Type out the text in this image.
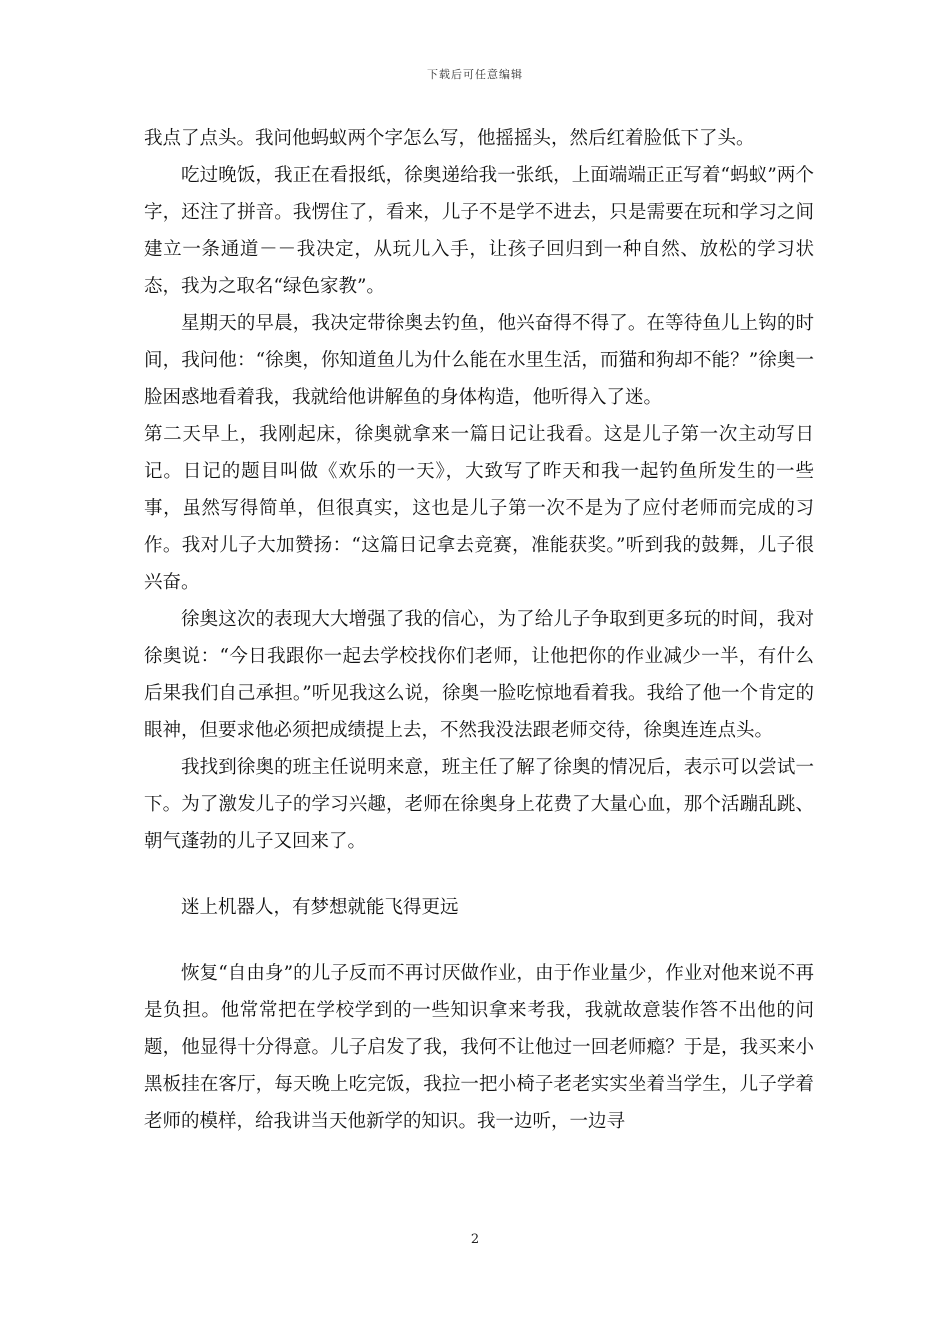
下载后可任意编辑

我点了点头。我问他蚂蚁两个字怎么写，他摇摇头，然后红着脸低下了头。

吃过晚饭，我正在看报纸，徐奥递给我一张纸，上面端端正正写着“蚂蚁”两个字，还注了拼音。我愣住了，看来，儿子不是学不进去，只是需要在玩和学习之间建立一条通道－－我决定，从玩儿入手，让孩子回归到一种自然、放松的学习状态，我为之取名“绿色家教”。

星期天的早晨，我决定带徐奥去钓鱼，他兴奋得不得了。在等待鱼儿上钩的时间，我问他：“徐奥，你知道鱼儿为什么能在水里生活，而猫和狗却不能？”徐奥一脸困惑地看着我，我就给他讲解鱼的身体构造，他听得入了迷。

第二天早上，我刚起床，徐奥就拿来一篇日记让我看。这是儿子第一次主动写日记。日记的题目叫做《欢乐的一天》，大致写了昨天和我一起钓鱼所发生的一些事，虽然写得简单，但很真实，这也是儿子第一次不是为了应付老师而完成的习作。我对儿子大加赞扬：“这篇日记拿去竞赛，准能获奖。”听到我的鼓舞，儿子很兴奋。

徐奥这次的表现大大增强了我的信心，为了给儿子争取到更多玩的时间，我对徐奥说：“今日我跟你一起去学校找你们老师，让他把你的作业减少一半，有什么后果我们自己承担。”听见我这么说，徐奥一脸吃惊地看着我。我给了他一个肯定的眼神，但要求他必须把成绩提上去，不然我没法跟老师交待，徐奥连连点头。

我找到徐奥的班主任说明来意，班主任了解了徐奥的情况后，表示可以尝试一下。为了激发儿子的学习兴趣，老师在徐奥身上花费了大量心血，那个活蹦乱跳、朝气蓬勃的儿子又回来了。

迷上机器人，有梦想就能飞得更远

恢复“自由身”的儿子反而不再讨厌做作业，由于作业量少，作业对他来说不再是负担。他常常把在学校学到的一些知识拿来考我，我就故意装作答不出他的问题，他显得十分得意。儿子启发了我，我何不让他过一回老师瘾？于是，我买来小黑板挂在客厅，每天晚上吃完饭，我拉一把小椅子老老实实坐着当学生，儿子学着老师的模样，给我讲当天他新学的知识。我一边听，一边寻

2
